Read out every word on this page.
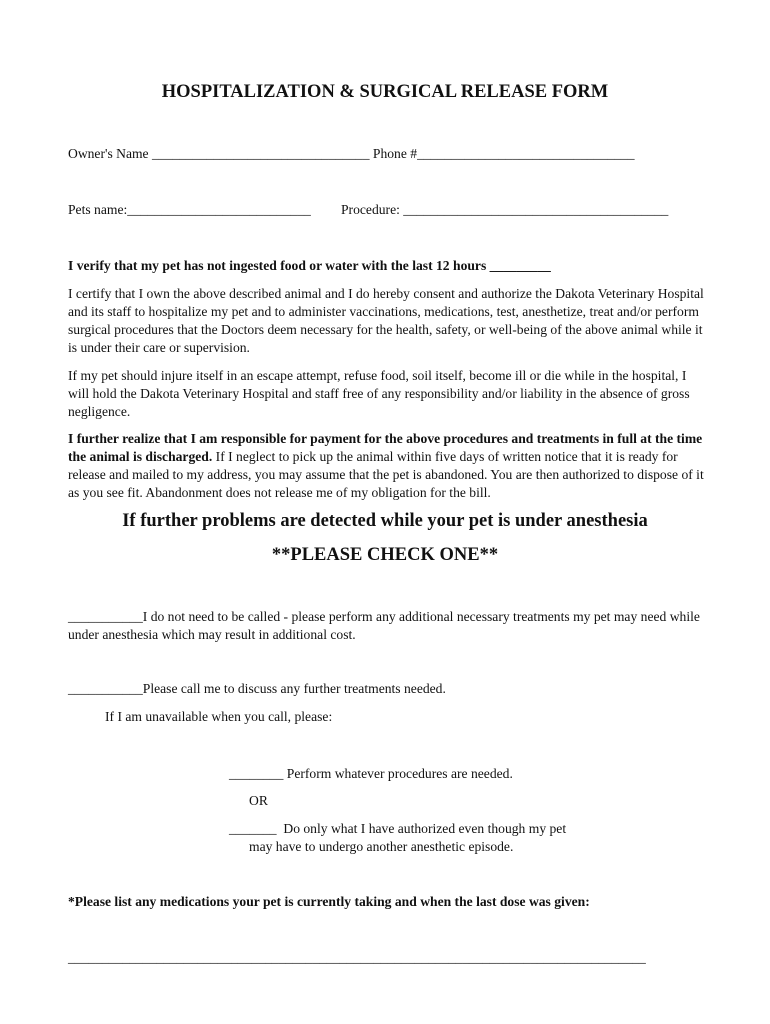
HOSPITALIZATION & SURGICAL RELEASE FORM
Owner's Name ________________________________ Phone #________________________________
Pets name:___________________________ Procedure: _______________________________________
I verify that my pet has not ingested food or water with the last 12 hours _________
I certify that I own the above described animal and I do hereby consent and authorize the Dakota Veterinary Hospital and its staff to hospitalize my pet and to administer vaccinations, medications, test, anesthetize, treat and/or perform surgical procedures that the Doctors deem necessary for the health, safety, or well-being of the above animal while it is under their care or supervision.
If my pet should injure itself in an escape attempt, refuse food, soil itself, become ill or die while in the hospital, I will hold the Dakota Veterinary Hospital and staff free of any responsibility and/or liability in the absence of gross negligence.
I further realize that I am responsible for payment for the above procedures and treatments in full at the time the animal is discharged. If I neglect to pick up the animal within five days of written notice that it is ready for release and mailed to my address, you may assume that the pet is abandoned. You are then authorized to dispose of it as you see fit. Abandonment does not release me of my obligation for the bill.
If further problems are detected while your pet is under anesthesia
**PLEASE CHECK ONE**
___________I do not need to be called - please perform any additional necessary treatments my pet may need while under anesthesia which may result in additional cost.
___________Please call me to discuss any further treatments needed.
If I am unavailable when you call, please:
________ Perform whatever procedures are needed.
OR
_______  Do only what I have authorized even though my pet
may have to undergo another anesthetic episode.
*Please list any medications your pet is currently taking and when the last dose was given:
_____________________________________________________________________________________
